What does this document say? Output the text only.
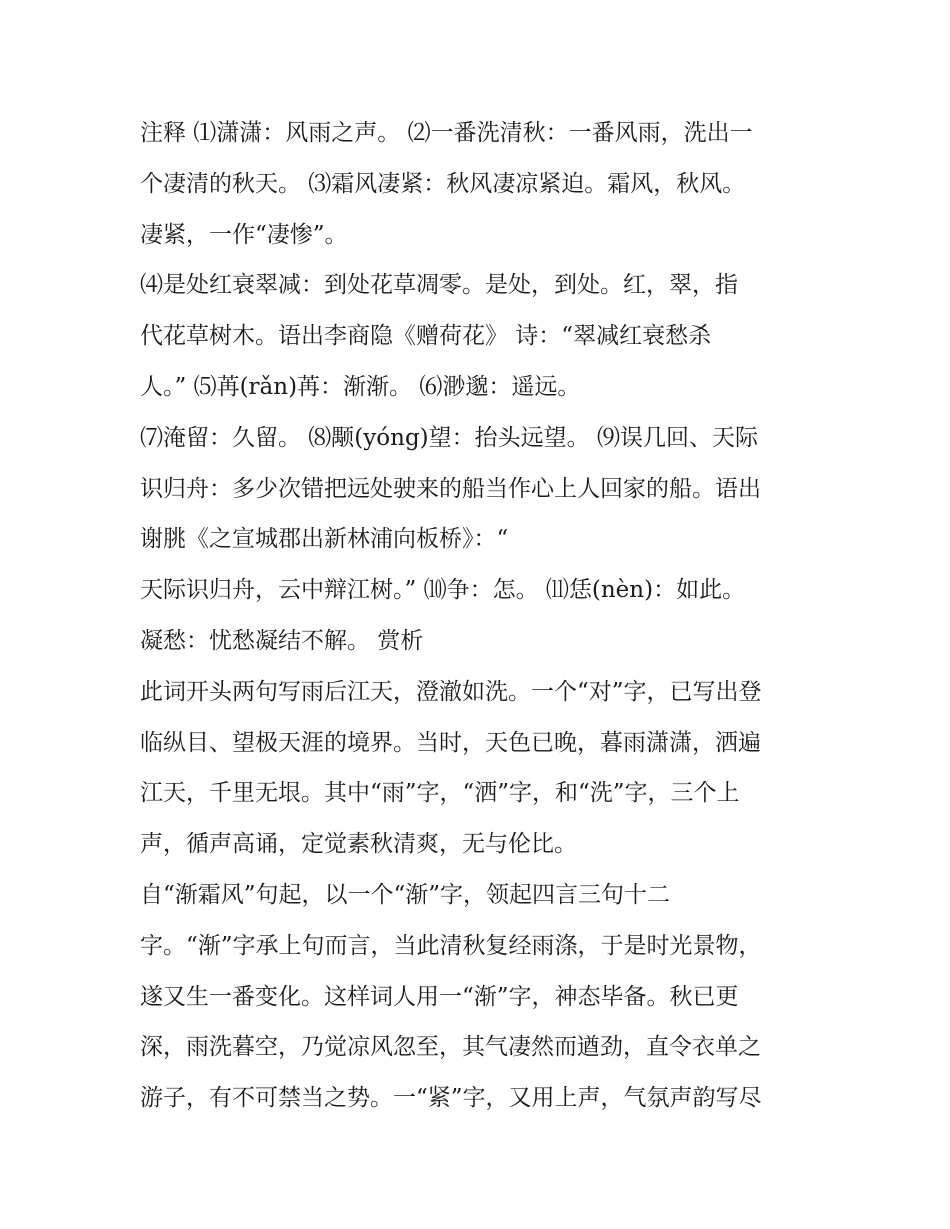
注释 ⑴潇潇：风雨之声。 ⑵一番洗清秋：一番风雨，洗出一
个凄清的秋天。 ⑶霜风凄紧：秋风凄凉紧迫。霜风，秋风。
凄紧，一作“凄惨”。
⑷是处红衰翠减：到处花草凋零。是处，到处。红，翠，指
代花草树木。语出李商隐《赠荷花》 诗：“翠减红衰愁杀
人。” ⑸苒(rǎn)苒：渐渐。 ⑹渺邈：遥远。
⑺淹留：久留。 ⑻颙(yóng)望：抬头远望。 ⑼误几回、天际
识归舟：多少次错把远处驶来的船当作心上人回家的船。语出
谢朓《之宣城郡出新林浦向板桥》：“
天际识归舟，云中辩江树。” ⑽争：怎。 ⑾恁(nèn)：如此。
凝愁：忧愁凝结不解。 赏析
此词开头两句写雨后江天，澄澈如洗。一个“对”字，已写出登
临纵目、望极天涯的境界。当时，天色已晚，暮雨潇潇，洒遍
江天，千里无垠。其中“雨”字，“洒”字，和“洗”字，三个上
声，循声高诵，定觉素秋清爽，无与伦比。
自“渐霜风”句起，以一个“渐”字，领起四言三句十二
字。“渐”字承上句而言，当此清秋复经雨涤，于是时光景物，
遂又生一番变化。这样词人用一“渐”字，神态毕备。秋已更
深，雨洗暮空，乃觉凉风忽至，其气凄然而遒劲，直令衣单之
游子，有不可禁当之势。一“紧”字，又用上声，气氛声韵写尽
